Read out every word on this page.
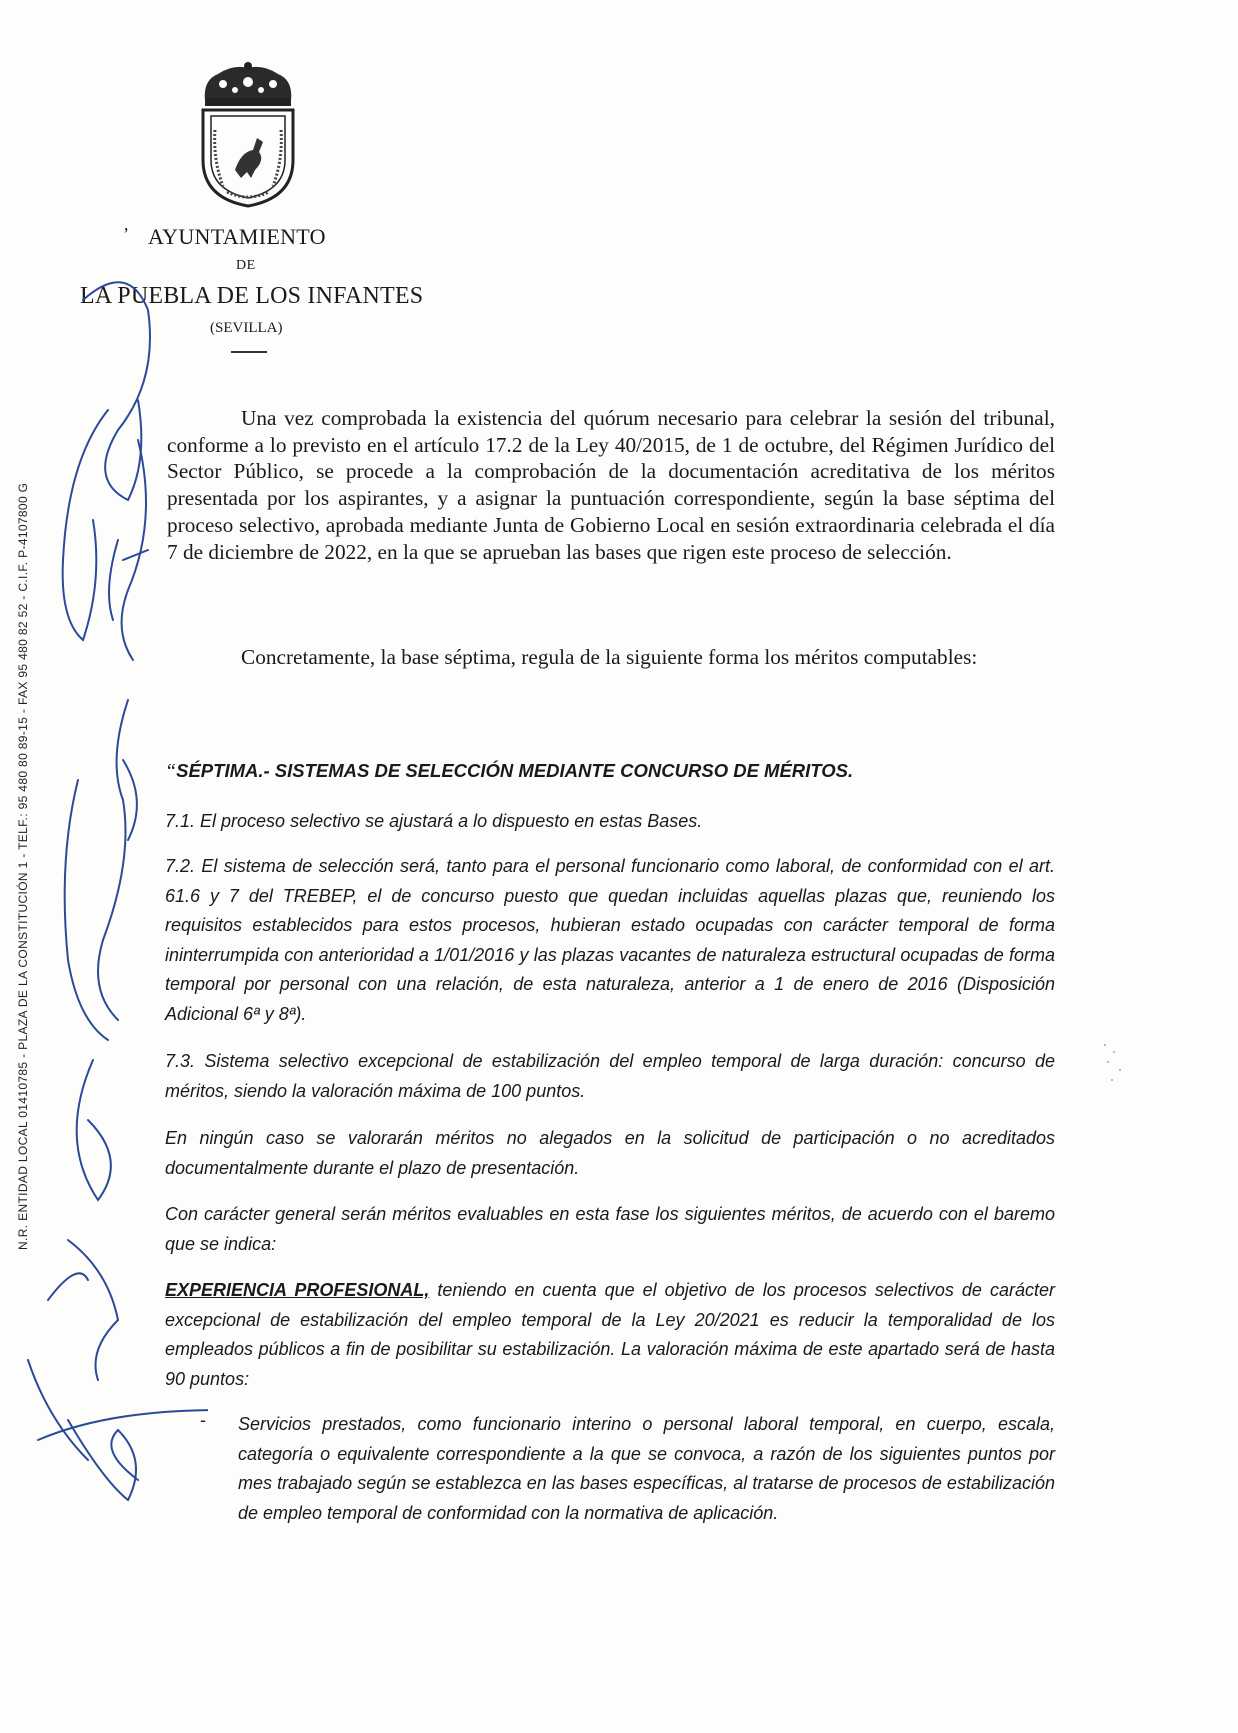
’ AYUNTAMIENTO
DE
LA PUEBLA DE LOS INFANTES
(SEVILLA)
N.R. ENTIDAD LOCAL 01410785 - PLAZA DE LA CONSTITUCIÓN 1 - TELF.: 95 480 80 89-15 - FAX 95 480 82 52 - C.I.F. P-4107800 G
Una vez comprobada la existencia del quórum necesario para celebrar la sesión del tribunal, conforme a lo previsto en el artículo 17.2 de la Ley 40/2015, de 1 de octubre, del Régimen Jurídico del Sector Público, se procede a la comprobación de la documentación acreditativa de los méritos presentada por los aspirantes, y a asignar la puntuación correspondiente, según la base séptima del proceso selectivo, aprobada mediante Junta de Gobierno Local en sesión extraordinaria celebrada el día 7 de diciembre de 2022, en la que se aprueban las bases que rigen este proceso de selección.
Concretamente, la base séptima, regula de la siguiente forma los méritos computables:
“SÉPTIMA.- SISTEMAS DE SELECCIÓN MEDIANTE CONCURSO DE MÉRITOS.
7.1. El proceso selectivo se ajustará a lo dispuesto en estas Bases.
7.2. El sistema de selección será, tanto para el personal funcionario como laboral, de conformidad con el art. 61.6 y 7 del TREBEP, el de concurso puesto que quedan incluidas aquellas plazas que, reuniendo los requisitos establecidos para estos procesos, hubieran estado ocupadas con carácter temporal de forma ininterrumpida con anterioridad a 1/01/2016 y las plazas vacantes de naturaleza estructural ocupadas de forma temporal por personal con una relación, de esta naturaleza, anterior a 1 de enero de 2016 (Disposición Adicional 6ª y 8ª).
7.3. Sistema selectivo excepcional de estabilización del empleo temporal de larga duración: concurso de méritos, siendo la valoración máxima de 100 puntos.
En ningún caso se valorarán méritos no alegados en la solicitud de participación o no acreditados documentalmente durante el plazo de presentación.
Con carácter general serán méritos evaluables en esta fase los siguientes méritos, de acuerdo con el baremo que se indica:
EXPERIENCIA PROFESIONAL, teniendo en cuenta que el objetivo de los procesos selectivos de carácter excepcional de estabilización del empleo temporal de la Ley 20/2021 es reducir la temporalidad de los empleados públicos a fin de posibilitar su estabilización. La valoración máxima de este apartado será de hasta 90 puntos:
- Servicios prestados, como funcionario interino o personal laboral temporal, en cuerpo, escala, categoría o equivalente correspondiente a la que se convoca, a razón de los siguientes puntos por mes trabajado según se establezca en las bases específicas, al tratarse de procesos de estabilización de empleo temporal de conformidad con la normativa de aplicación.
